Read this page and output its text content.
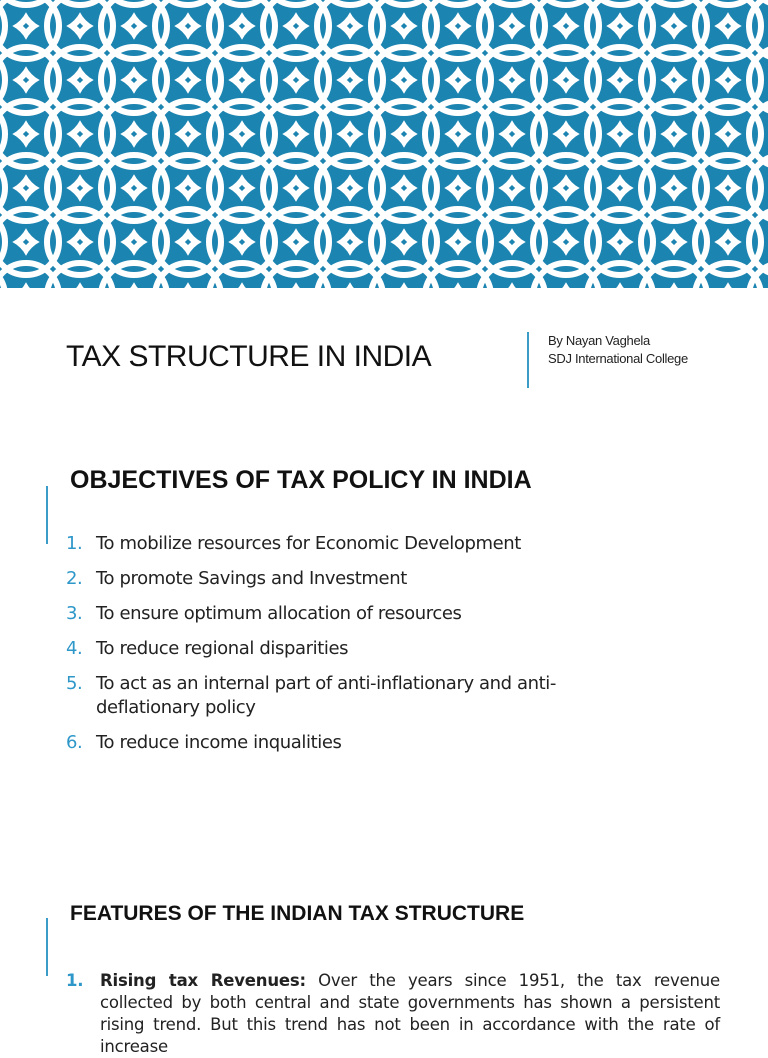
TAX STRUCTURE IN INDIA	By Nayan Vaghela
SDJ International College
OBJECTIVES OF TAX POLICY IN INDIA
1. To mobilize resources for Economic Development
2. To promote Savings and Investment
3. To ensure optimum allocation of resources
4. To reduce regional disparities
5. To act as an internal part of anti-inflationary and anti-deflationary policy
6. To reduce income inqualities
FEATURES OF THE INDIAN TAX STRUCTURE
1. Rising tax Revenues: Over the years since 1951, the tax revenue collected by both central and state governments has shown a persistent rising trend. But this trend has not been in accordance with the rate of increase
